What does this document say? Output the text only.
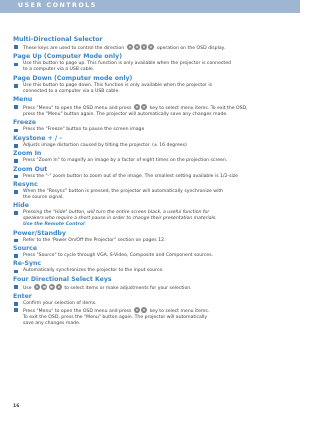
USER CONTROLS

Multi-Directional Selector

These keys are used to control the direction	operation on the OSD display.

Page Up (Computer Mode only)

Use this button to page up. This function is only available when the projector is connected
to a computer via a USB cable.

Page Down (Computer mode only)

Use this button to page down. This function is only available when the projector is
connected to a computer via a USB cable.

Menu

Press "Menu" to open the OSD menu and press	key to select menu items. To exit the OSD,
press the "Menu" button again. The projector will automatically save any changes made.

Freeze

Press the "Freeze" button to pause the screen image

Keystone + / -

Adjusts image distortion caused by tilting the projector. (± 16 degrees)

Zoom In

Press "Zoom In" to magnify an image by a factor of eight times on the projection screen.

Zoom Out

Press the "-" zoom button to zoom out of the image. The smallest setting available is 1/2-size

Resync

When the "Resync" button is pressed, the projector will automatically synchronize with
the source signal.

Hide

Pressing the "Hide" button, will turn the entire screen black, a useful function for
speakers who require a short pause in order to change their presentation materials.
Use the Remote Control

Power/Standby

Refer to the 'Power On/Off the Projector" section on pages 12.

Source

Press "Source" to cycle through VGA, S-Video, Composite and Component sources.

Re-Sync

Automatically synchronizes the projector to the input source.

Four Directional Select Keys

Use	to select items or make adjustments for your selection.

Enter

Confirm your selection of items.

Press "Menu" to open the OSD menu and press	key to select menu items.
To exit the OSD, press the "Menu" button again. The projector will automatically
save any changes made.

16
